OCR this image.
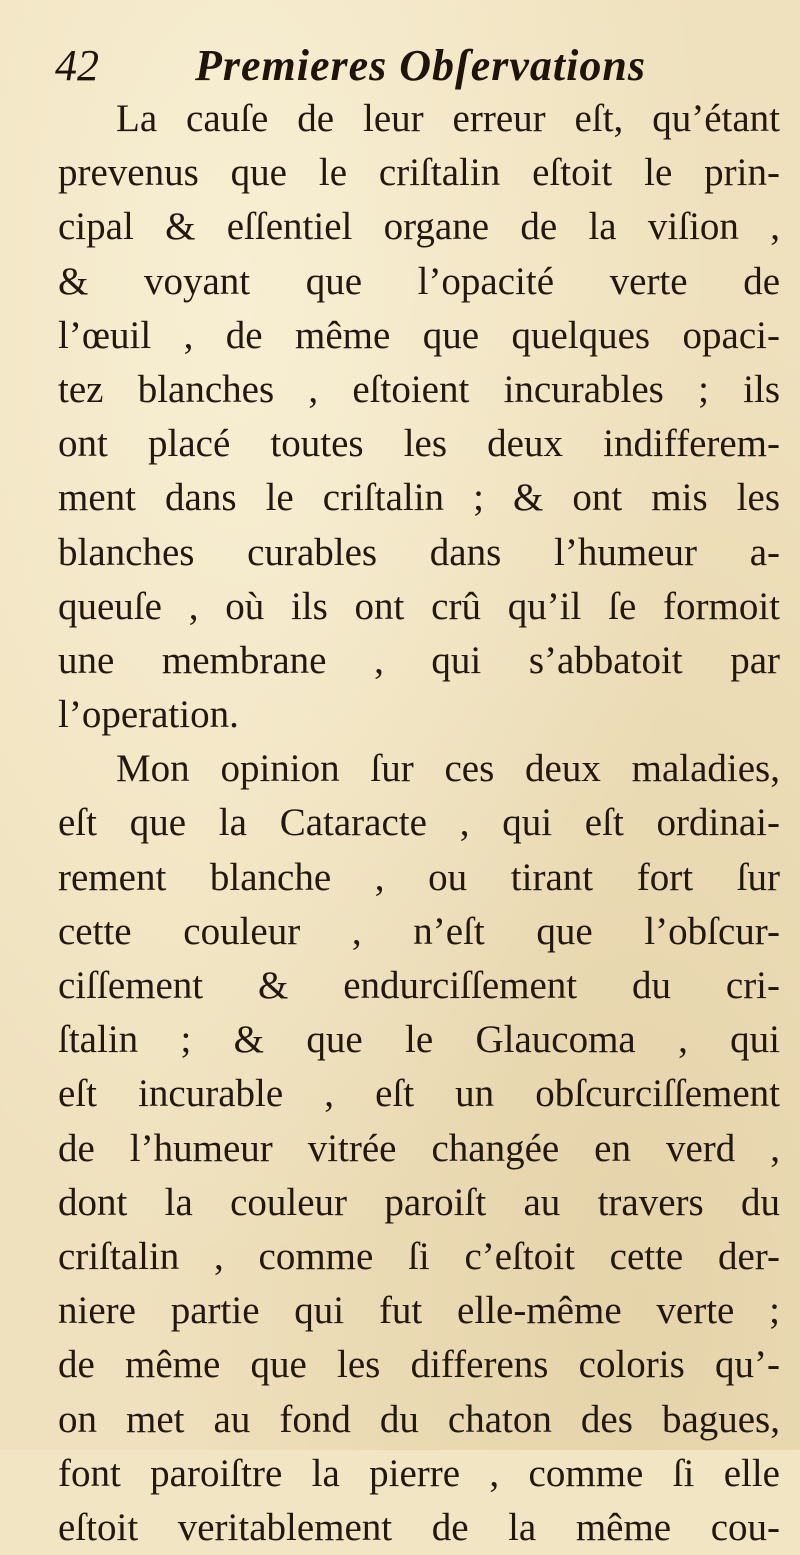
42	Premieres Obſervations
La cauſe de leur erreur eſt, qu’étant
prevenus que le criſtalin eſtoit le prin-
cipal & eſſentiel organe de la viſion ,
& voyant que l’opacité verte de
l’œuil , de même que quelques opaci-
tez blanches , eſtoient incurables ; ils
ont placé toutes les deux indifferem-
ment dans le criſtalin ; & ont mis les
blanches curables dans l’humeur a-
queuſe , où ils ont crû qu’il ſe formoit
une membrane , qui s’abbatoit par
l’operation.
Mon opinion ſur ces deux maladies,
eſt que la Cataracte , qui eſt ordinai-
rement blanche , ou tirant fort ſur
cette couleur , n’eſt que l’obſcur-
ciſſement & endurciſſement du cri-
ſtalin ; & que le Glaucoma , qui
eſt incurable , eſt un obſcurciſſement
de l’humeur vitrée changée en verd ,
dont la couleur paroiſt au travers du
criſtalin , comme ſi c’eſtoit cette der-
niere partie qui fut elle-même verte ;
de même que les differens coloris qu’-
on met au fond du chaton des bagues,
font paroiſtre la pierre , comme ſi elle
eſtoit veritablement de la même cou-
